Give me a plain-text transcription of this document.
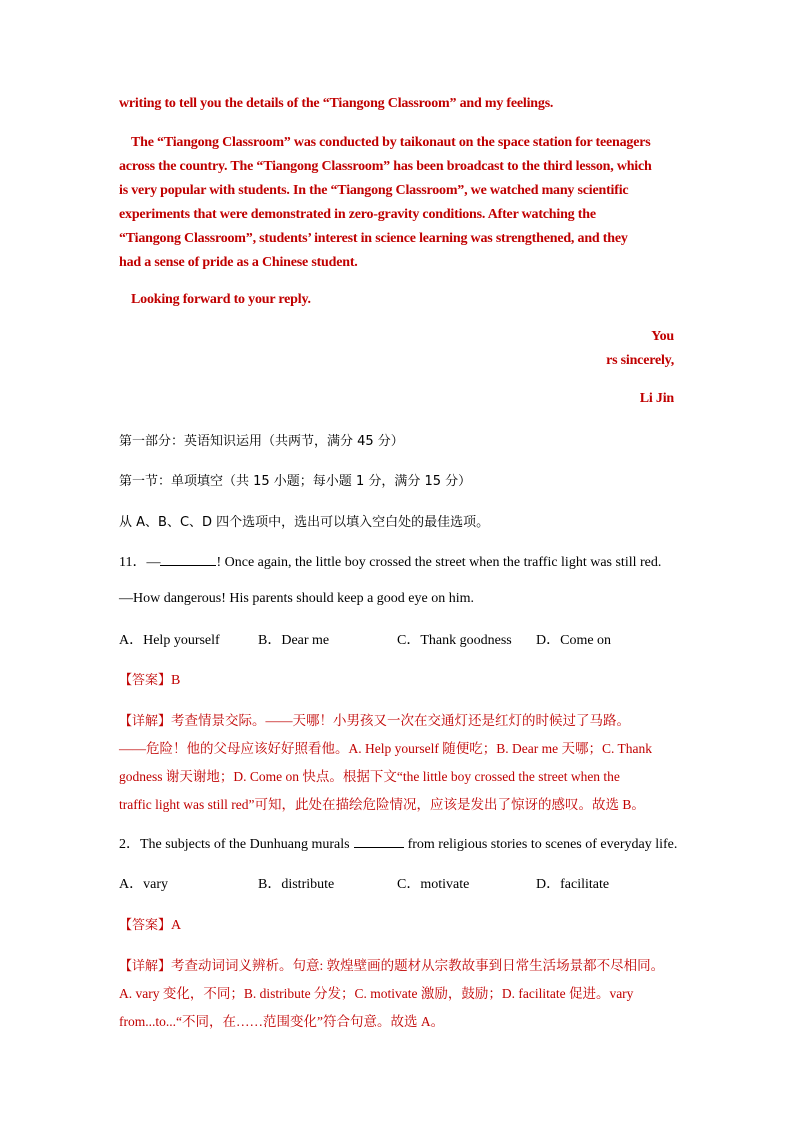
writing to tell you the details of the “Tiangong Classroom” and my feelings.
The “Tiangong Classroom” was conducted by taikonaut on the space station for teenagers
across the country. The “Tiangong Classroom” has been broadcast to the third lesson, which
is very popular with students. In the “Tiangong Classroom”, we watched many scientific
experiments that were demonstrated in zero-gravity conditions. After watching the
“Tiangong Classroom”, students’ interest in science learning was strengthened, and they
had a sense of pride as a Chinese student.
Looking forward to your reply.
You
rs sincerely,
Li Jin
第一部分：英语知识运用（共两节，满分 45 分）
第一节：单项填空（共 15 小题；每小题 1 分，满分 15 分）
从 A、B、C、D 四个选项中，选出可以填入空白处的最佳选项。
11．—	! Once again, the little boy crossed the street when the traffic light was still red.
—How dangerous! His parents should keep a good eye on him.
A．Help yourself	B．Dear me	C．Thank goodness D．Come on
【答案】B
【详解】考查情景交际。——天哪！小男孩又一次在交通灯还是红灯的时候过了马路。
——危险！他的父母应该好好照看他。A. Help yourself 随便吃；B. Dear me 天哪；C. Thank
godness 谢天谢地；D. Come on 快点。根据下文“the little boy crossed the street when the
traffic light was still red”可知，此处在描绘危险情况，应该是发出了惊讶的感叹。故选 B。
2．The subjects of the Dunhuang murals	from religious stories to scenes of everyday life.
A．vary	B．distribute	C．motivate	D．facilitate
【答案】A
【详解】考查动词词义辨析。句意: 敦煌壁画的题材从宗教故事到日常生活场景都不尽相同。
A. vary 变化，不同；B. distribute 分发；C. motivate 激励，鼓励；D. facilitate 促进。vary
from...to...“不同，在……范围变化”符合句意。故选 A。
